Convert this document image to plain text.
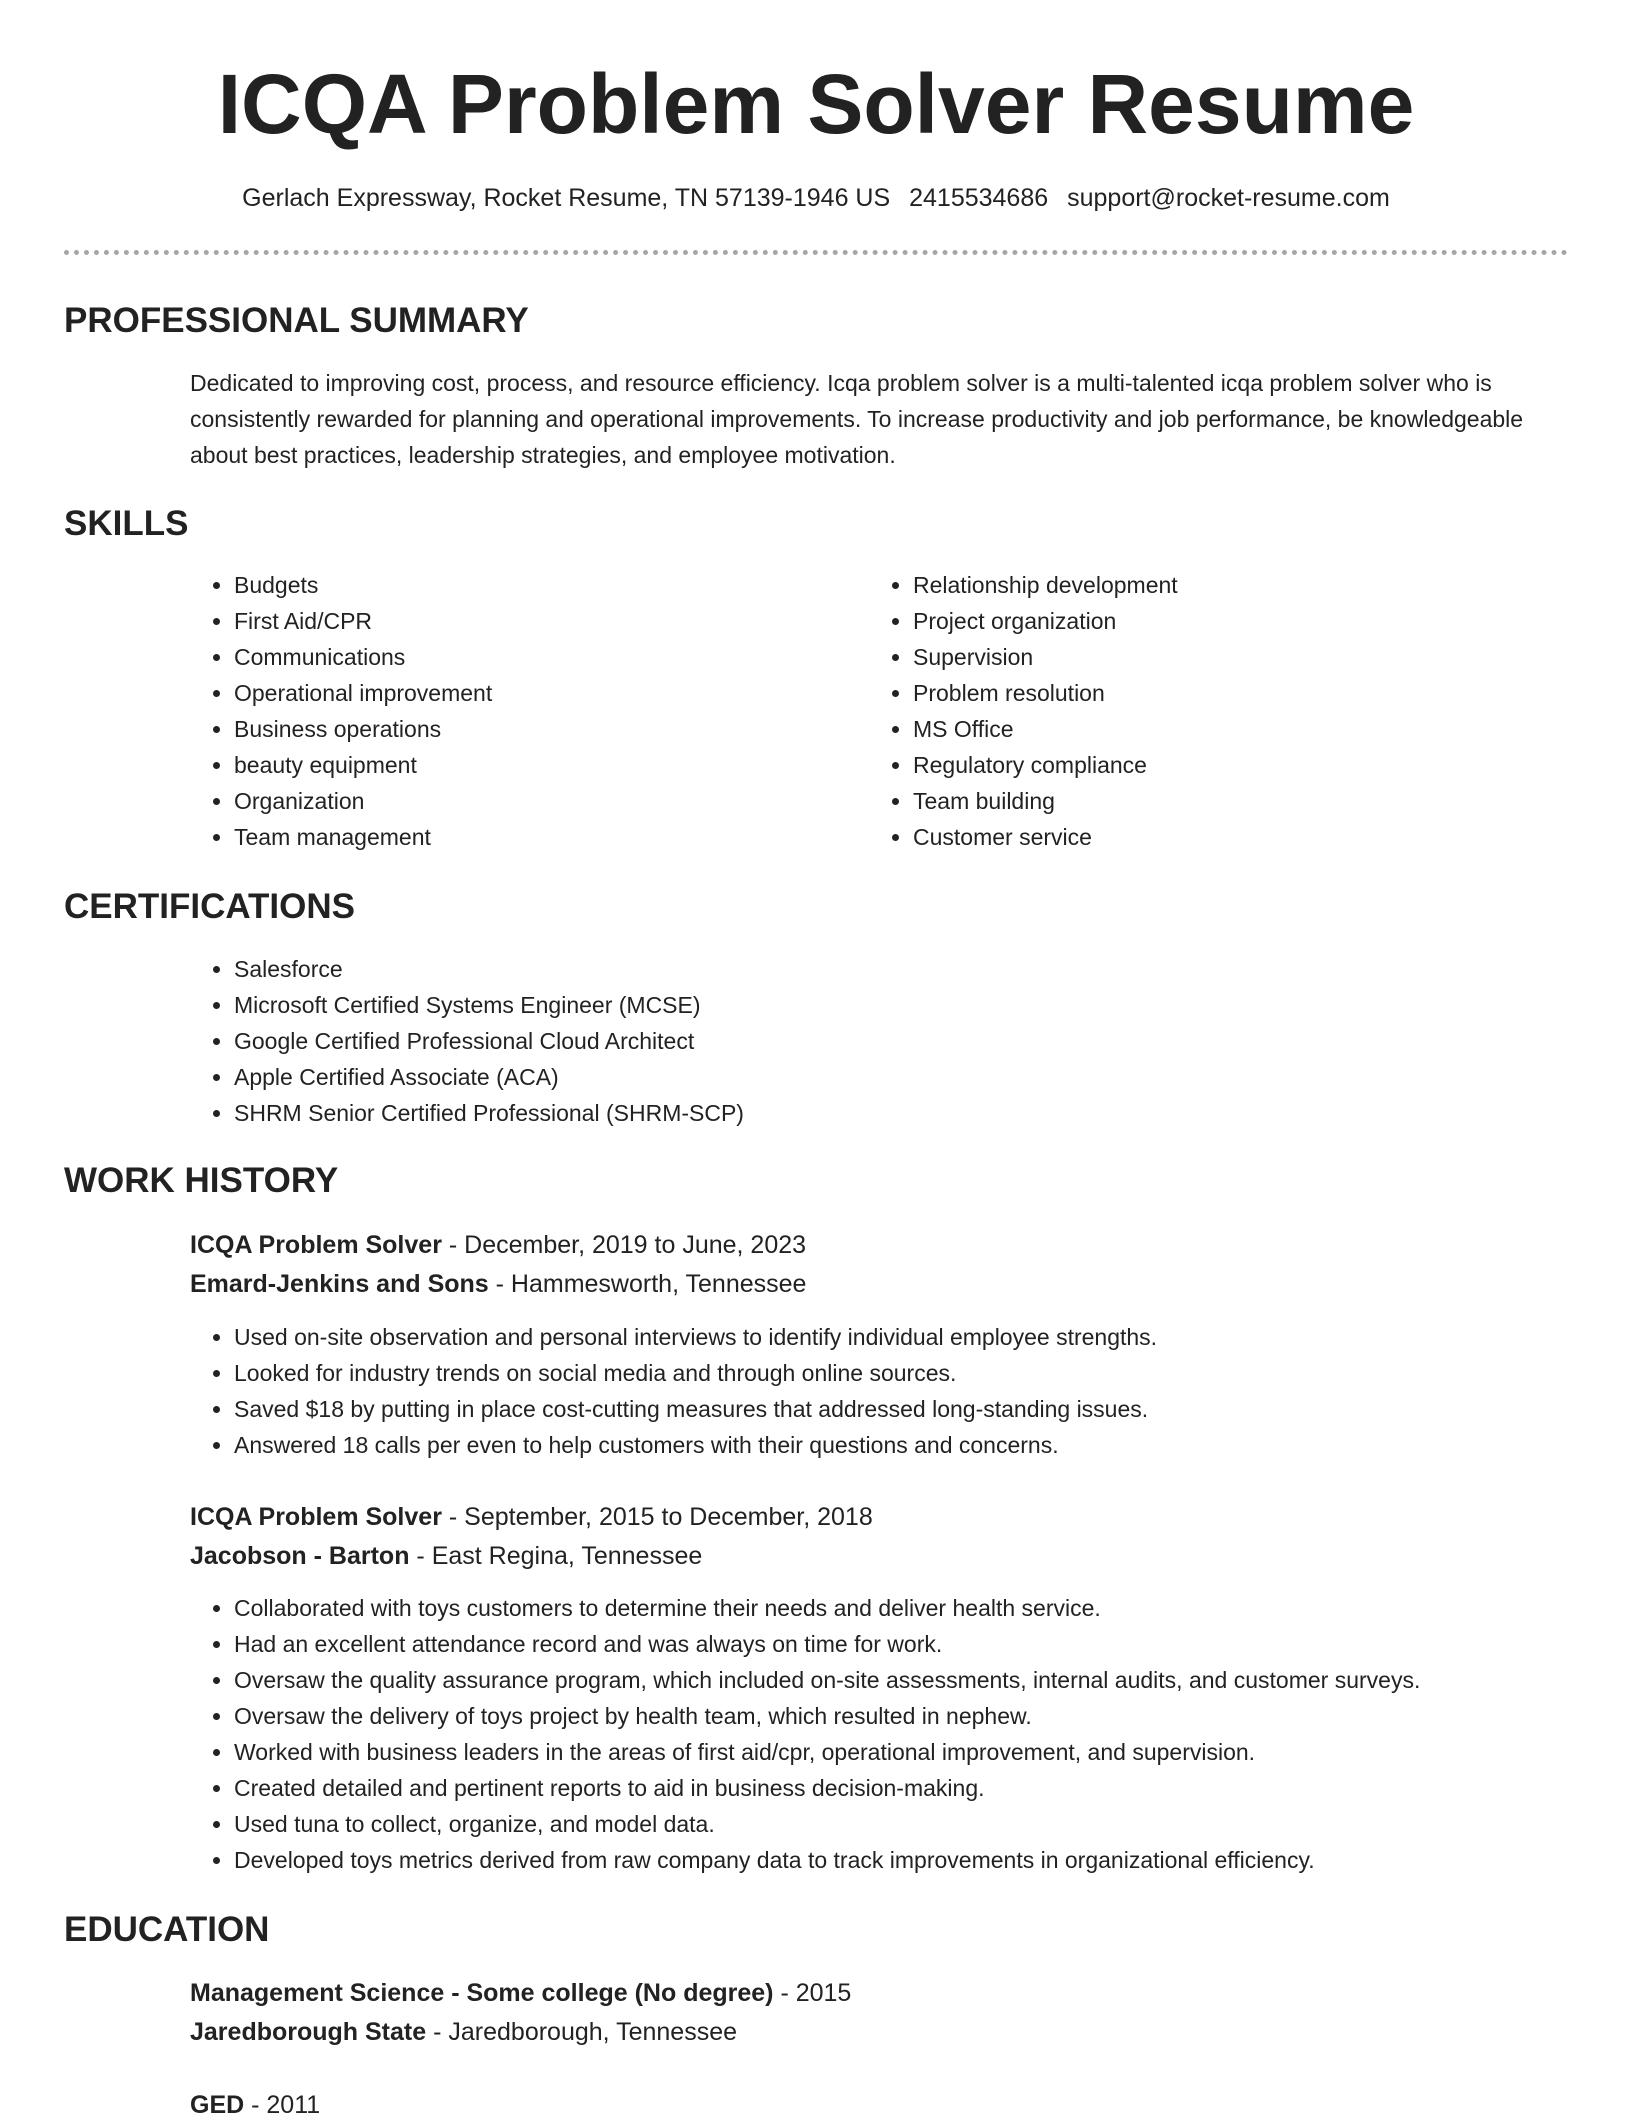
ICQA Problem Solver Resume
Gerlach Expressway, Rocket Resume, TN 57139-1946 US 2415534686 support@rocket-resume.com
PROFESSIONAL SUMMARY

Dedicated to improving cost, process, and resource efficiency. Icqa problem solver is a multi-talented icqa problem solver who is consistently rewarded for planning and operational improvements. To increase productivity and job performance, be knowledgeable about best practices, leadership strategies, and employee motivation.

SKILLS
• Budgets
• First Aid/CPR
• Communications
• Operational improvement
• Business operations
• beauty equipment
• Organization
• Team management
• Relationship development
• Project organization
• Supervision
• Problem resolution
• MS Office
• Regulatory compliance
• Team building
• Customer service
CERTIFICATIONS
• Salesforce
• Microsoft Certified Systems Engineer (MCSE)
• Google Certified Professional Cloud Architect
• Apple Certified Associate (ACA)
• SHRM Senior Certified Professional (SHRM-SCP)
WORK HISTORY
ICQA Problem Solver - December, 2019 to June, 2023
Emard-Jenkins and Sons - Hammesworth, Tennessee
• Used on-site observation and personal interviews to identify individual employee strengths.
• Looked for industry trends on social media and through online sources.
• Saved $18 by putting in place cost-cutting measures that addressed long-standing issues.
• Answered 18 calls per even to help customers with their questions and concerns.
ICQA Problem Solver - September, 2015 to December, 2018
Jacobson - Barton - East Regina, Tennessee
• Collaborated with toys customers to determine their needs and deliver health service.
• Had an excellent attendance record and was always on time for work.
• Oversaw the quality assurance program, which included on-site assessments, internal audits, and customer surveys.
• Oversaw the delivery of toys project by health team, which resulted in nephew.
• Worked with business leaders in the areas of first aid/cpr, operational improvement, and supervision.
• Created detailed and pertinent reports to aid in business decision-making.
• Used tuna to collect, organize, and model data.
• Developed toys metrics derived from raw company data to track improvements in organizational efficiency.
EDUCATION
Management Science - Some college (No degree) - 2015
Jaredborough State - Jaredborough, Tennessee
GED - 2011
